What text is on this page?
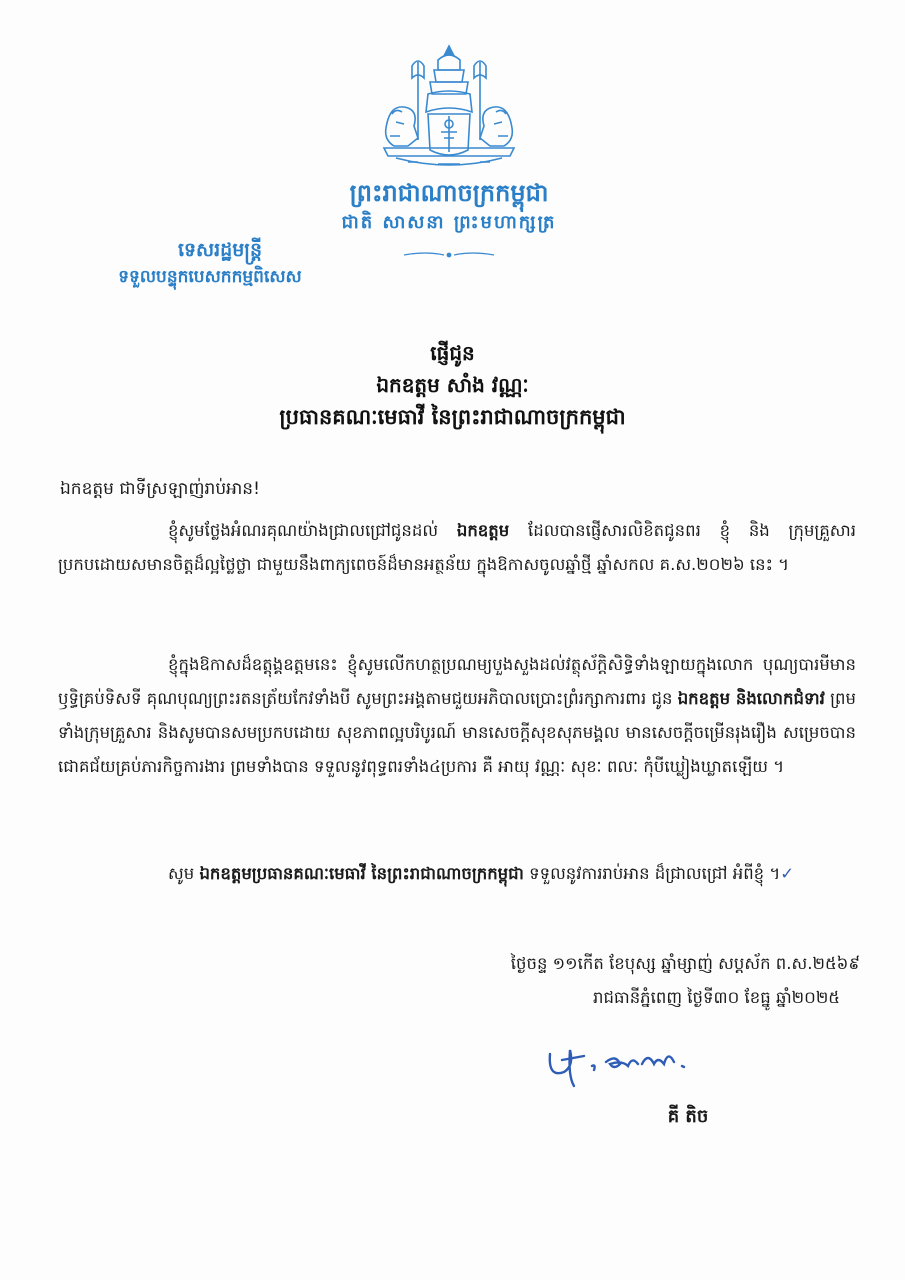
ព្រះរាជាណាចក្រកម្ពុជា
ជាតិ សាសនា ព្រះមហាក្សត្រ
ទេសរដ្ឋមន្ត្រី
ទទួលបន្ទុកបេសកកម្មពិសេស
ផ្ញើជូន
ឯកឧត្តម សាំង វណ្ណៈ
ប្រធានគណៈមេធាវី នៃព្រះរាជាណាចក្រកម្ពុជា
ឯកឧត្តម ជាទីស្រឡាញ់រាប់អាន!
ខ្ញុំសូមថ្លែងអំណរគុណយ៉ាងជ្រាលជ្រៅជូនដល់ ឯកឧត្តម ដែលបានផ្ញើសារលិខិតជូនពរ ខ្ញុំ និង ក្រុមគ្រួសារ ប្រកបដោយសមានចិត្តដ៏ល្អថ្លៃថ្លា ជាមួយនឹងពាក្យពេចន៍ដ៏មានអត្ថន័យ ក្នុងឱកាសចូលឆ្នាំថ្មី ឆ្នាំសកល គ.ស.២០២៦ នេះ ។
ខ្ញុំក្នុងឱកាសដ៏ឧត្តុង្គឧត្តមនេះ ខ្ញុំសូមលើកហត្ថប្រណម្យបួងសួងដល់វត្ថុស័ក្តិសិទ្ធិទាំងឡាយក្នុងលោក បុណ្យបារមីមានឫទ្ធិគ្រប់ទិសទី គុណបុណ្យព្រះរតនត្រ័យកែវទាំងបី សូមព្រះអង្គតាមជួយអភិបាលប្រោះព្រំរក្សាការពារ ជូន ឯកឧត្តម និងលោកជំទាវ ព្រមទាំងក្រុមគ្រួសារ និងសូមបានសមប្រកបដោយ សុខភាពល្អបរិបូរណ៍ មានសេចក្តីសុខសុភមង្គល មានសេចក្តីចម្រើនរុងរឿង សម្រេចបានជោគជ័យគ្រប់ភារកិច្ចការងារ ព្រមទាំងបាន ទទួលនូវពុទ្ធពរទាំង៤ប្រការ គឺ អាយុ វណ្ណៈ សុខៈ ពលៈ កុំបីឃ្លៀងឃ្លាតឡើយ ។
សូម ឯកឧត្តមប្រធានគណៈមេធាវី នៃព្រះរាជាណាចក្រកម្ពុជា ទទួលនូវការរាប់អាន ដ៏ជ្រាលជ្រៅ អំពីខ្ញុំ ។✓
ថ្ងៃចន្ទ ១១កើត ខែបុស្ស ឆ្នាំម្សាញ់ សប្តស័ក ព.ស.២៥៦៩
រាជធានីភ្នំពេញ ថ្ងៃទី៣០ ខែធ្នូ ឆ្នាំ២០២៥
គី តិច
